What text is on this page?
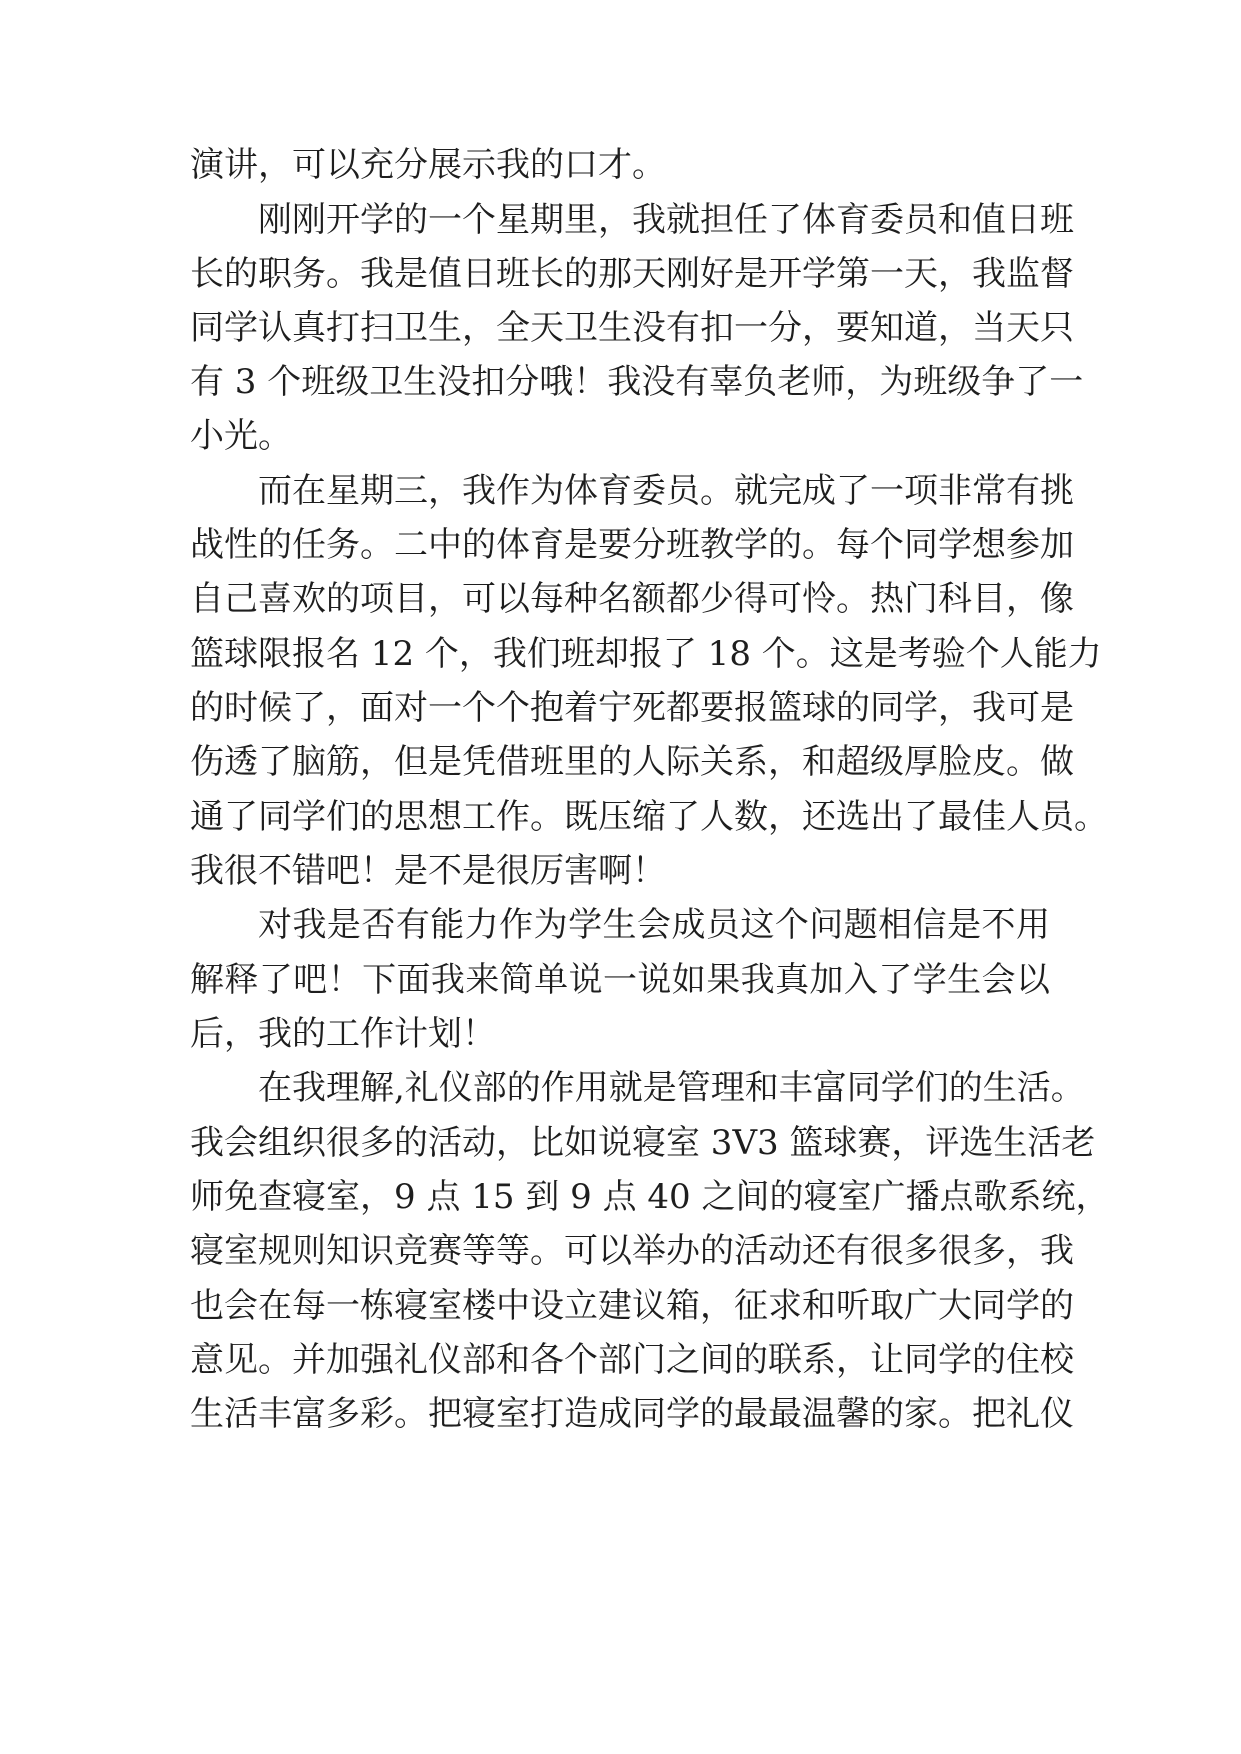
演讲，可以充分展示我的口才。
刚刚开学的一个星期里，我就担任了体育委员和值日班
长的职务。我是值日班长的那天刚好是开学第一天，我监督
同学认真打扫卫生，全天卫生没有扣一分，要知道，当天只
有 3 个班级卫生没扣分哦！我没有辜负老师，为班级争了一
小光。
而在星期三，我作为体育委员。就完成了一项非常有挑
战性的任务。二中的体育是要分班教学的。每个同学想参加
自己喜欢的项目，可以每种名额都少得可怜。热门科目，像
篮球限报名 12 个，我们班却报了 18 个。这是考验个人能力
的时候了，面对一个个抱着宁死都要报篮球的同学，我可是
伤透了脑筋，但是凭借班里的人际关系，和超级厚脸皮。做
通了同学们的思想工作。既压缩了人数，还选出了最佳人员。
我很不错吧！是不是很厉害啊！
对我是否有能力作为学生会成员这个问题相信是不用
解释了吧！下面我来简单说一说如果我真加入了学生会以
后，我的工作计划！
在我理解,礼仪部的作用就是管理和丰富同学们的生活。
我会组织很多的活动，比如说寝室 3V3 篮球赛，评选生活老
师免查寝室，9 点 15 到 9 点 40 之间的寝室广播点歌系统，
寝室规则知识竞赛等等。可以举办的活动还有很多很多，我
也会在每一栋寝室楼中设立建议箱，征求和听取广大同学的
意见。并加强礼仪部和各个部门之间的联系，让同学的住校
生活丰富多彩。把寝室打造成同学的最最温馨的家。把礼仪
